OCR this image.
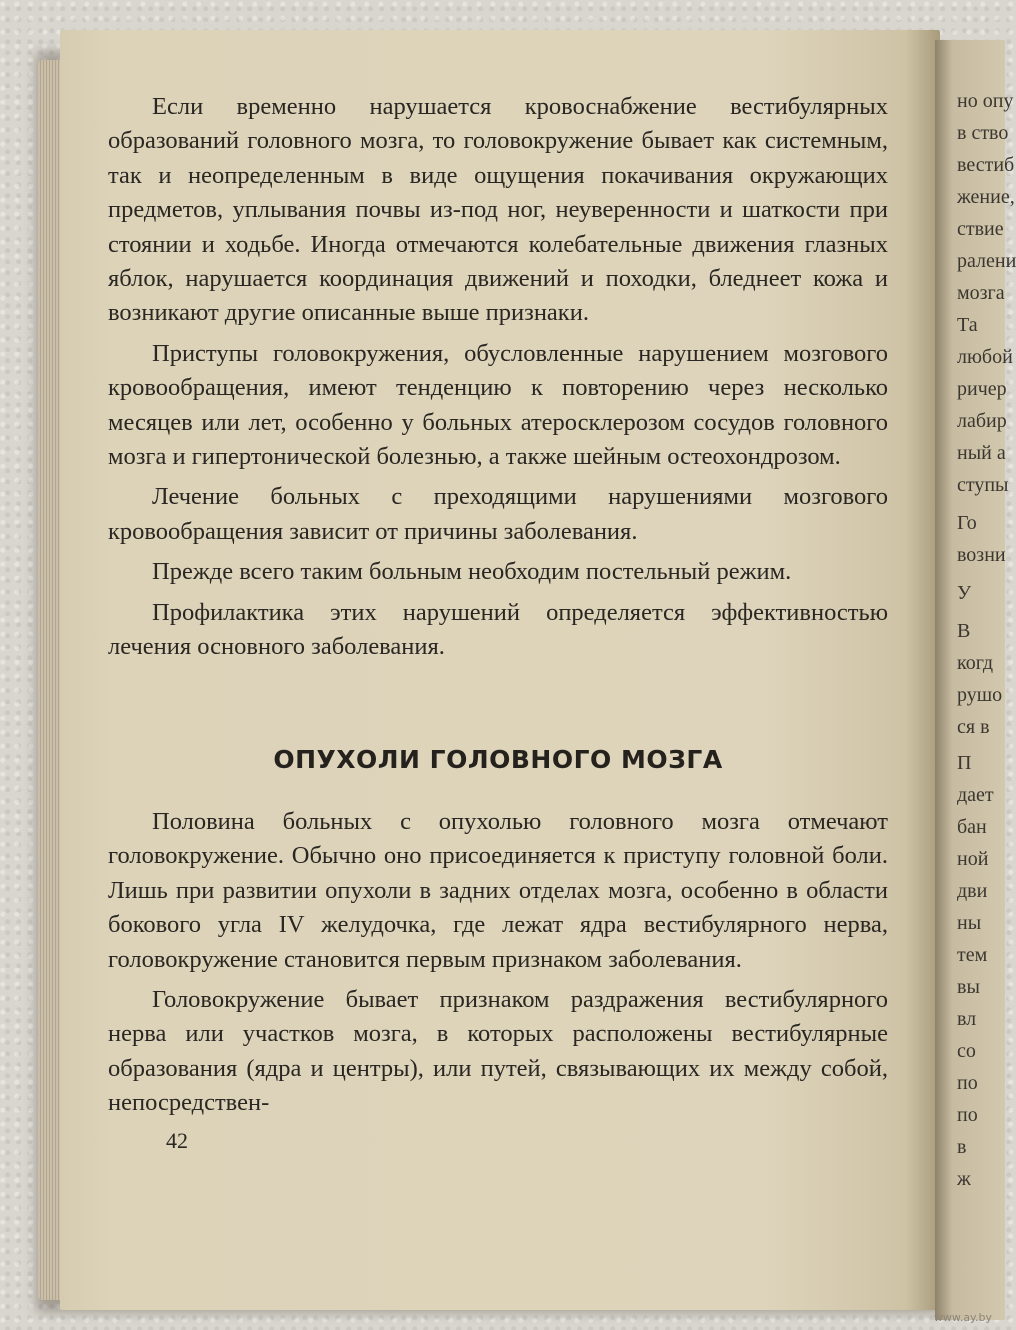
Если временно нарушается кровоснабжение вестибулярных образований головного мозга, то головокружение бывает как системным, так и неопределенным в виде ощущения покачивания окружающих предметов, уплывания почвы из-под ног, неуверенности и шаткости при стоянии и ходьбе. Иногда отмечаются колебательные движения глазных яблок, нарушается координация движений и походки, бледнеет кожа и возникают другие описанные выше признаки.

Приступы головокружения, обусловленные нарушением мозгового кровообращения, имеют тенденцию к повторению через несколько месяцев или лет, особенно у больных атеросклерозом сосудов головного мозга и гипертонической болезнью, а также шейным остеохондрозом.

Лечение больных с преходящими нарушениями мозгового кровообращения зависит от причины заболевания.

Прежде всего таким больным необходим постельный режим.

Профилактика этих нарушений определяется эффективностью лечения основного заболевания.

ОПУХОЛИ ГОЛОВНОГО МОЗГА

Половина больных с опухолью головного мозга отмечают головокружение. Обычно оно присоединяется к приступу головной боли. Лишь при развитии опухоли в задних отделах мозга, особенно в области бокового угла IV желудочка, где лежат ядра вестибулярного нерва, головокружение становится первым признаком заболевания.

Головокружение бывает признаком раздражения вестибулярного нерва или участков мозга, в которых расположены вестибулярные образования (ядра и центры), или путей, связывающих их между собой, непосредствен-

42
но опу
в ство
вестиб
жение,
ствие
ралени
мозга
Та
любой
ричер
лабир
ный а
ступы
Го
возни
У
В
когд
рушо
ся в
П
дает
бан
ной
дви
ны
тем
вы
вл
со
по
по
в
ж
www.ay.by
